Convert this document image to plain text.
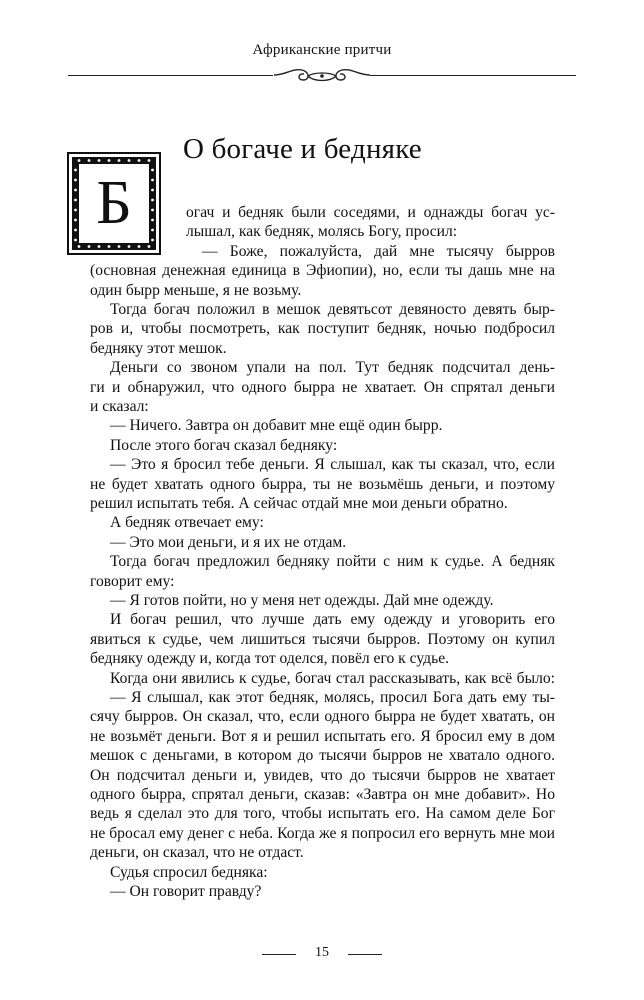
Африканские притчи
О богаче и бедняке
Б	огач и бедняк были соседями, и однажды богач ус-
лышал, как бедняк, молясь Богу, просил:
— Боже, пожалуйста, дай мне тысячу бырров
(основная денежная единица в Эфиопии), но, если ты дашь мне на
один бырр меньше, я не возьму.
Тогда богач положил в мешок девятьсот девяносто девять быр-
ров и, чтобы посмотреть, как поступит бедняк, ночью подбросил
бедняку этот мешок.
Деньги со звоном упали на пол. Тут бедняк подсчитал день-
ги и обнаружил, что одного бырра не хватает. Он спрятал деньги
и сказал:
— Ничего. Завтра он добавит мне ещё один бырр.
После этого богач сказал бедняку:
— Это я бросил тебе деньги. Я слышал, как ты сказал, что, если
не будет хватать одного бырра, ты не возьмёшь деньги, и поэтому
решил испытать тебя. А сейчас отдай мне мои деньги обратно.
А бедняк отвечает ему:
— Это мои деньги, и я их не отдам.
Тогда богач предложил бедняку пойти с ним к судье. А бедняк
говорит ему:
— Я готов пойти, но у меня нет одежды. Дай мне одежду.
И богач решил, что лучше дать ему одежду и уговорить его
явиться к судье, чем лишиться тысячи бырров. Поэтому он купил
бедняку одежду и, когда тот оделся, повёл его к судье.
Когда они явились к судье, богач стал рассказывать, как всё было:
— Я слышал, как этот бедняк, молясь, просил Бога дать ему ты-
сячу бырров. Он сказал, что, если одного бырра не будет хватать, он
не возьмёт деньги. Вот я и решил испытать его. Я бросил ему в дом
мешок с деньгами, в котором до тысячи бырров не хватало одного.
Он подсчитал деньги и, увидев, что до тысячи бырров не хватает
одного бырра, спрятал деньги, сказав: «Завтра он мне добавит». Но
ведь я сделал это для того, чтобы испытать его. На самом деле Бог
не бросал ему денег с неба. Когда же я попросил его вернуть мне мои
деньги, он сказал, что не отдаст.
15
Судья спросил бедняка:
— Он говорит правду?
